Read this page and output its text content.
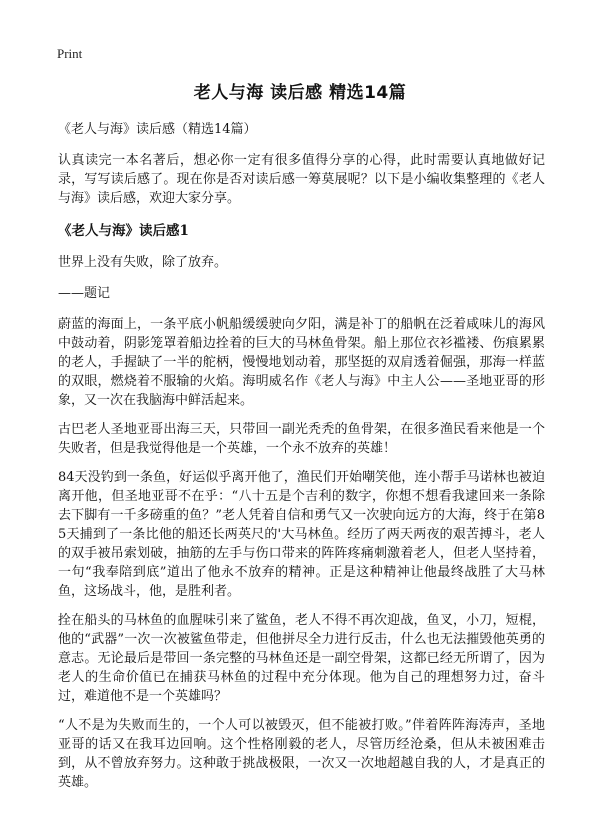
Print
老人与海 读后感 精选14篇

《老人与海》读后感（精选14篇）

认真读完一本名著后，想必你一定有很多值得分享的心得，此时需要认真地做好记录，写写读后感了。现在你是否对读后感一筹莫展呢？以下是小编收集整理的《老人与海》读后感，欢迎大家分享。

《老人与海》读后感1

世界上没有失败，除了放弃。

——题记

蔚蓝的海面上，一条平底小帆船缓缓驶向夕阳，满是补丁的船帆在泛着咸味儿的海风中鼓动着，阴影笼罩着船边拴着的巨大的马林鱼骨架。船上那位衣衫褴褛、伤痕累累的老人，手握缺了一半的舵柄，慢慢地划动着，那坚挺的双肩透着倔强，那海一样蓝的双眼，燃烧着不服输的火焰。海明威名作《老人与海》中主人公——圣地亚哥的形象，又一次在我脑海中鲜活起来。

古巴老人圣地亚哥出海三天，只带回一副光秃秃的鱼骨架，在很多渔民看来他是一个失败者，但是我觉得他是一个英雄，一个永不放弃的英雄！

84天没钓到一条鱼，好运似乎离开他了，渔民们开始嘲笑他，连小帮手马诺林也被迫离开他，但圣地亚哥不在乎：“八十五是个吉利的数字，你想不想看我逮回来一条除去下脚有一千多磅重的鱼？”老人凭着自信和勇气又一次驶向远方的大海，终于在第85天捕到了一条比他的船还长两英尺的'大马林鱼。经历了两天两夜的艰苦搏斗，老人的双手被吊索划破，抽筋的左手与伤口带来的阵阵疼痛刺激着老人，但老人坚持着，一句“我奉陪到底”道出了他永不放弃的精神。正是这种精神让他最终战胜了大马林鱼，这场战斗，他，是胜利者。

拴在船头的马林鱼的血腥味引来了鲨鱼，老人不得不再次迎战，鱼叉，小刀，短棍，他的“武器”一次一次被鲨鱼带走，但他拼尽全力进行反击，什么也无法摧毁他英勇的意志。无论最后是带回一条完整的马林鱼还是一副空骨架，这都已经无所谓了，因为老人的生命价值已在捕获马林鱼的过程中充分体现。他为自己的理想努力过，奋斗过，难道他不是一个英雄吗？

“人不是为失败而生的，一个人可以被毁灭，但不能被打败。”伴着阵阵海涛声，圣地亚哥的话又在我耳边回响。这个性格刚毅的老人，尽管历经沧桑，但从未被困难击到，从不曾放弃努力。这种敢于挑战极限，一次又一次地超越自我的人，才是真正的英雄。
